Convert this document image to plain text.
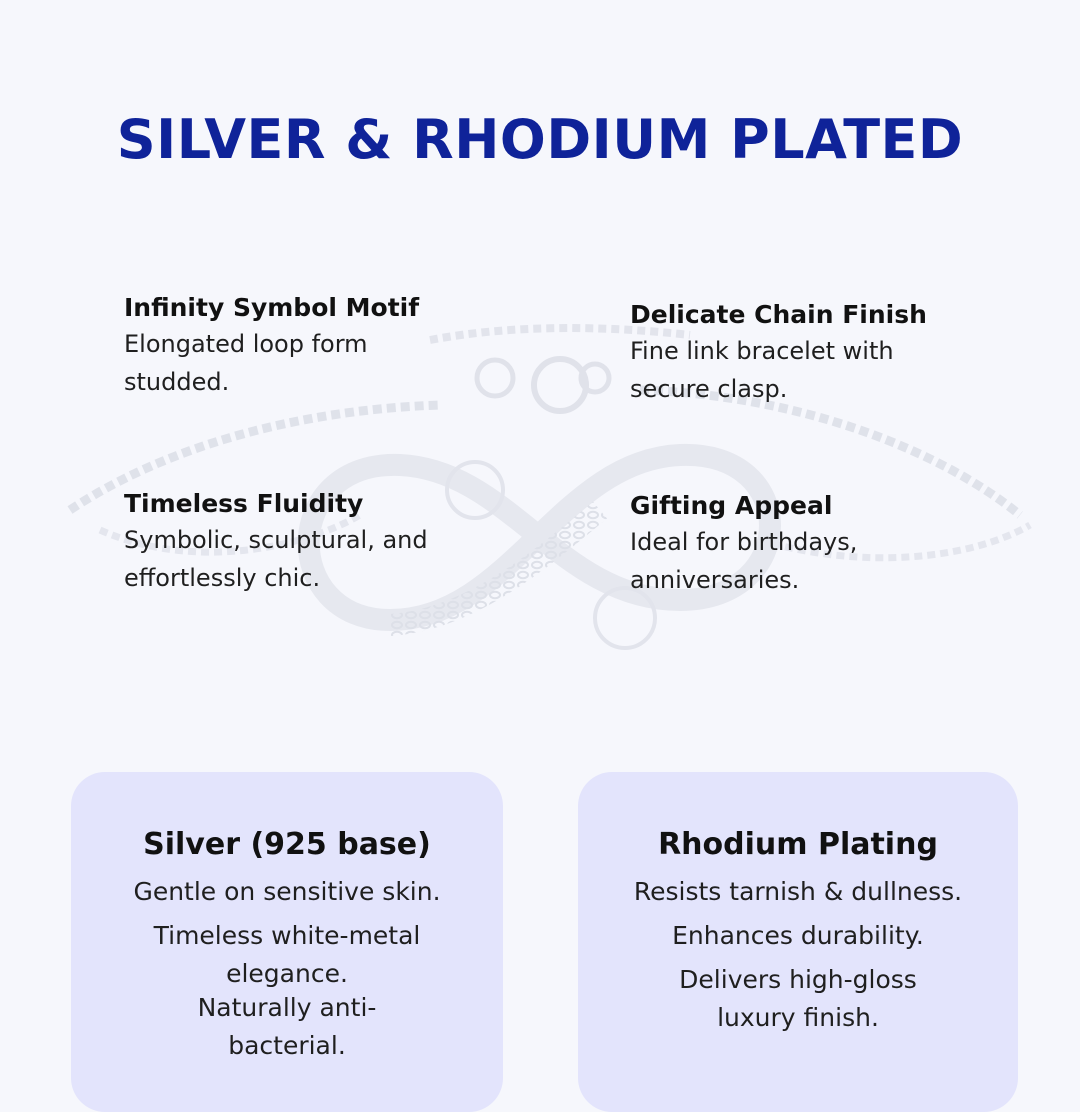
SILVER & RHODIUM PLATED
Infinity Symbol Motif
Elongated loop form studded.
Delicate Chain Finish
Fine link bracelet with secure clasp.
Timeless Fluidity
Symbolic, sculptural, and effortlessly chic.
Gifting Appeal
Ideal for birthdays, anniversaries.
Silver (925 base)
Gentle on sensitive skin.
Timeless white-metal elegance.
Naturally anti-bacterial.
Rhodium Plating
Resists tarnish & dullness.
Enhances durability.
Delivers high-gloss luxury finish.
